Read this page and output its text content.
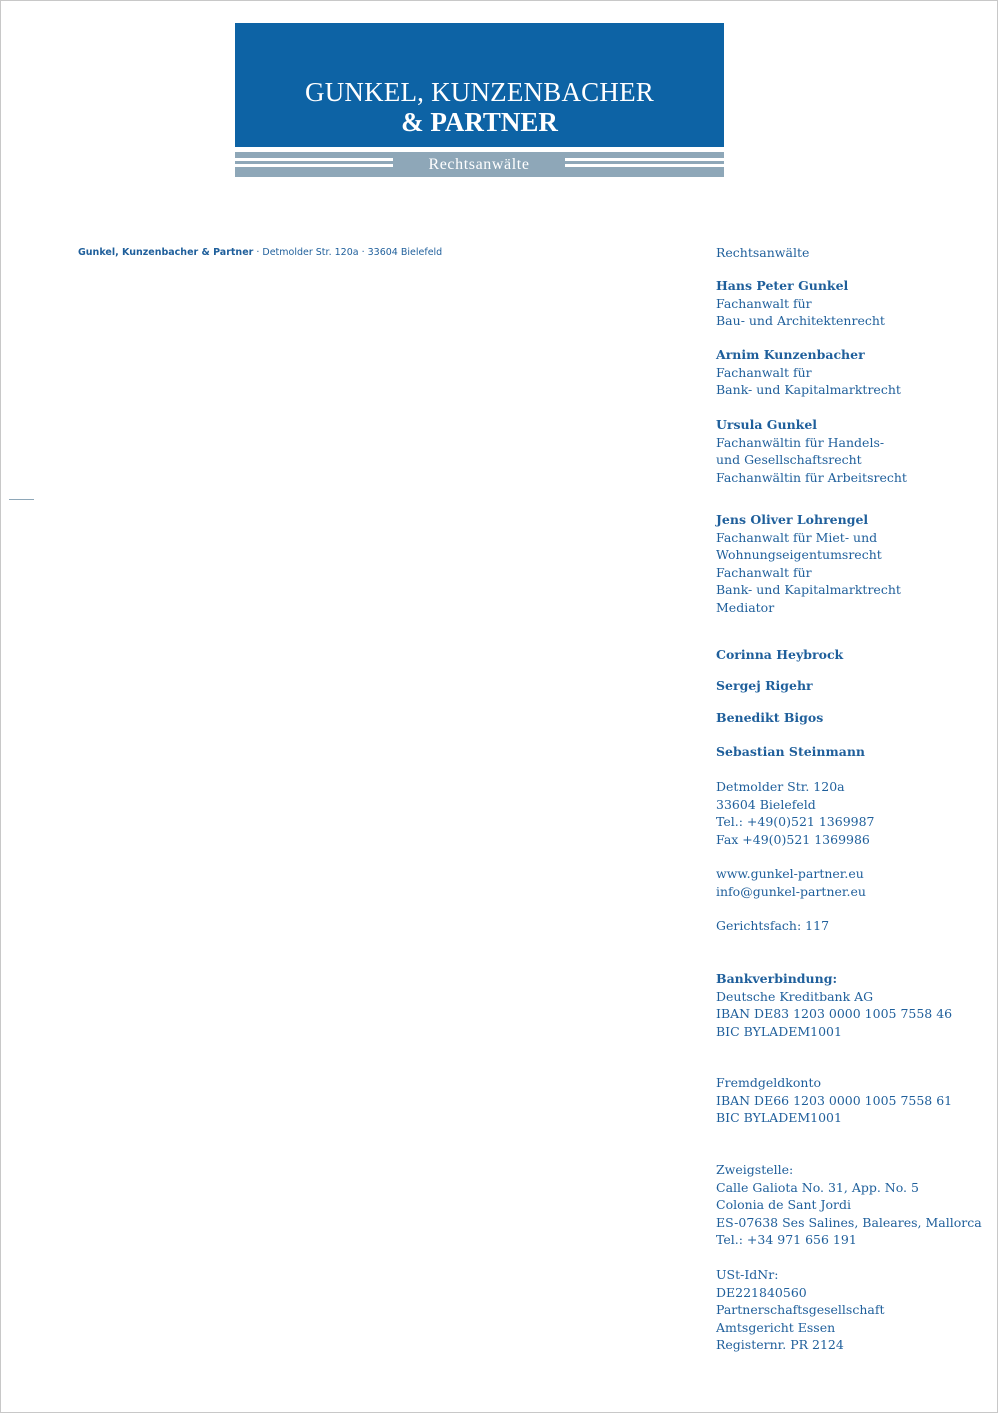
GUNKEL, KUNZENBACHER
& PARTNER
Rechtsanwälte
Gunkel, Kunzenbacher & Partner · Detmolder Str. 120a · 33604 Bielefeld	Rechtsanwälte
Hans Peter Gunkel
Fachanwalt für
Bau- und Architektenrecht
Arnim Kunzenbacher
Fachanwalt für
Bank- und Kapitalmarktrecht
Ursula Gunkel
Fachanwältin für Handels-
und Gesellschaftsrecht
Fachanwältin für Arbeitsrecht
Jens Oliver Lohrengel
Fachanwalt für Miet- und
Wohnungseigentumsrecht
Fachanwalt für
Bank- und Kapitalmarktrecht
Mediator
Corinna Heybrock
Sergej Rigehr
Benedikt Bigos
Sebastian Steinmann
Detmolder Str. 120a
33604 Bielefeld
Tel.: +49(0)521 1369987
Fax +49(0)521 1369986
www.gunkel-partner.eu
info@gunkel-partner.eu
Gerichtsfach: 117
Bankverbindung:
Deutsche Kreditbank AG
IBAN DE83 1203 0000 1005 7558 46
BIC BYLADEM1001
Fremdgeldkonto
IBAN DE66 1203 0000 1005 7558 61
BIC BYLADEM1001
Zweigstelle:
Calle Galiota No. 31, App. No. 5
Colonia de Sant Jordi
ES-07638 Ses Salines, Baleares, Mallorca
Tel.: +34 971 656 191
USt-IdNr:
DE221840560
Partnerschaftsgesellschaft
Amtsgericht Essen
Registernr. PR 2124
